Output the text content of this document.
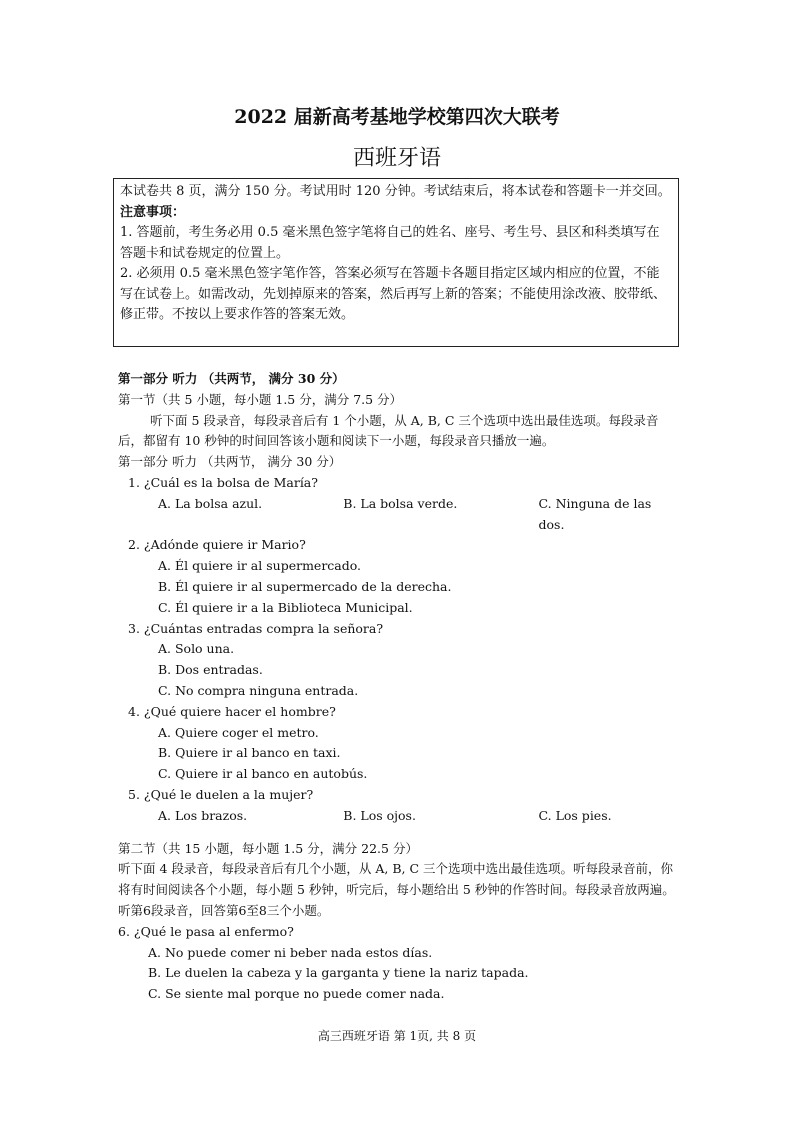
2022 届新高考基地学校第四次大联考
西班牙语

本试卷共 8 页，满分 150 分。考试用时 120 分钟。考试结束后，将本试卷和答题卡一并交回。

注意事项：

1. 答题前，考生务必用 0.5 毫米黑色签字笔将自己的姓名、座号、考生号、县区和科类填写在答题卡和试卷规定的位置上。

2. 必须用 0.5 毫米黑色签字笔作答，答案必须写在答题卡各题目指定区域内相应的位置，不能写在试卷上。如需改动，先划掉原来的答案，然后再写上新的答案；不能使用涂改液、胶带纸、修正带。不按以上要求作答的答案无效。

第一部分 听力 （共两节， 满分 30 分）

第一节（共 5 小题，每小题 1.5 分，满分 7.5 分）

听下面 5 段录音，每段录音后有 1 个小题，从 A, B, C 三个选项中选出最佳选项。每段录音后，都留有 10 秒钟的时间回答该小题和阅读下一小题，每段录音只播放一遍。

第一部分 听力 （共两节， 满分 30 分）

1. ¿Cuál es la bolsa de María?

A. La bolsa azul.	B. La bolsa verde.	C. Ninguna de las dos.

2. ¿Adónde quiere ir Mario?

A. Él quiere ir al supermercado.

B. Él quiere ir al supermercado de la derecha.

C. Él quiere ir a la Biblioteca Municipal.

3. ¿Cuántas entradas compra la señora?

A. Solo una.

B. Dos entradas.

C. No compra ninguna entrada.

4. ¿Qué quiere hacer el hombre?

A. Quiere coger el metro.

B. Quiere ir al banco en taxi.

C. Quiere ir al banco en autobús.

5. ¿Qué le duelen a la mujer?

A. Los brazos.	B. Los ojos.	C. Los pies.

第二节（共 15 小题，每小题 1.5 分，满分 22.5 分）

听下面 4 段录音，每段录音后有几个小题，从 A, B, C 三个选项中选出最佳选项。听每段录音前，你将有时间阅读各个小题，每小题 5 秒钟，听完后，每小题给出 5 秒钟的作答时间。每段录音放两遍。

听第6段录音，回答第6至8三个小题。

6. ¿Qué le pasa al enfermo?

A. No puede comer ni beber nada estos días.

B. Le duelen la cabeza y la garganta y tiene la nariz tapada.

C. Se siente mal porque no puede comer nada.

高三西班牙语 第 1页, 共 8 页
